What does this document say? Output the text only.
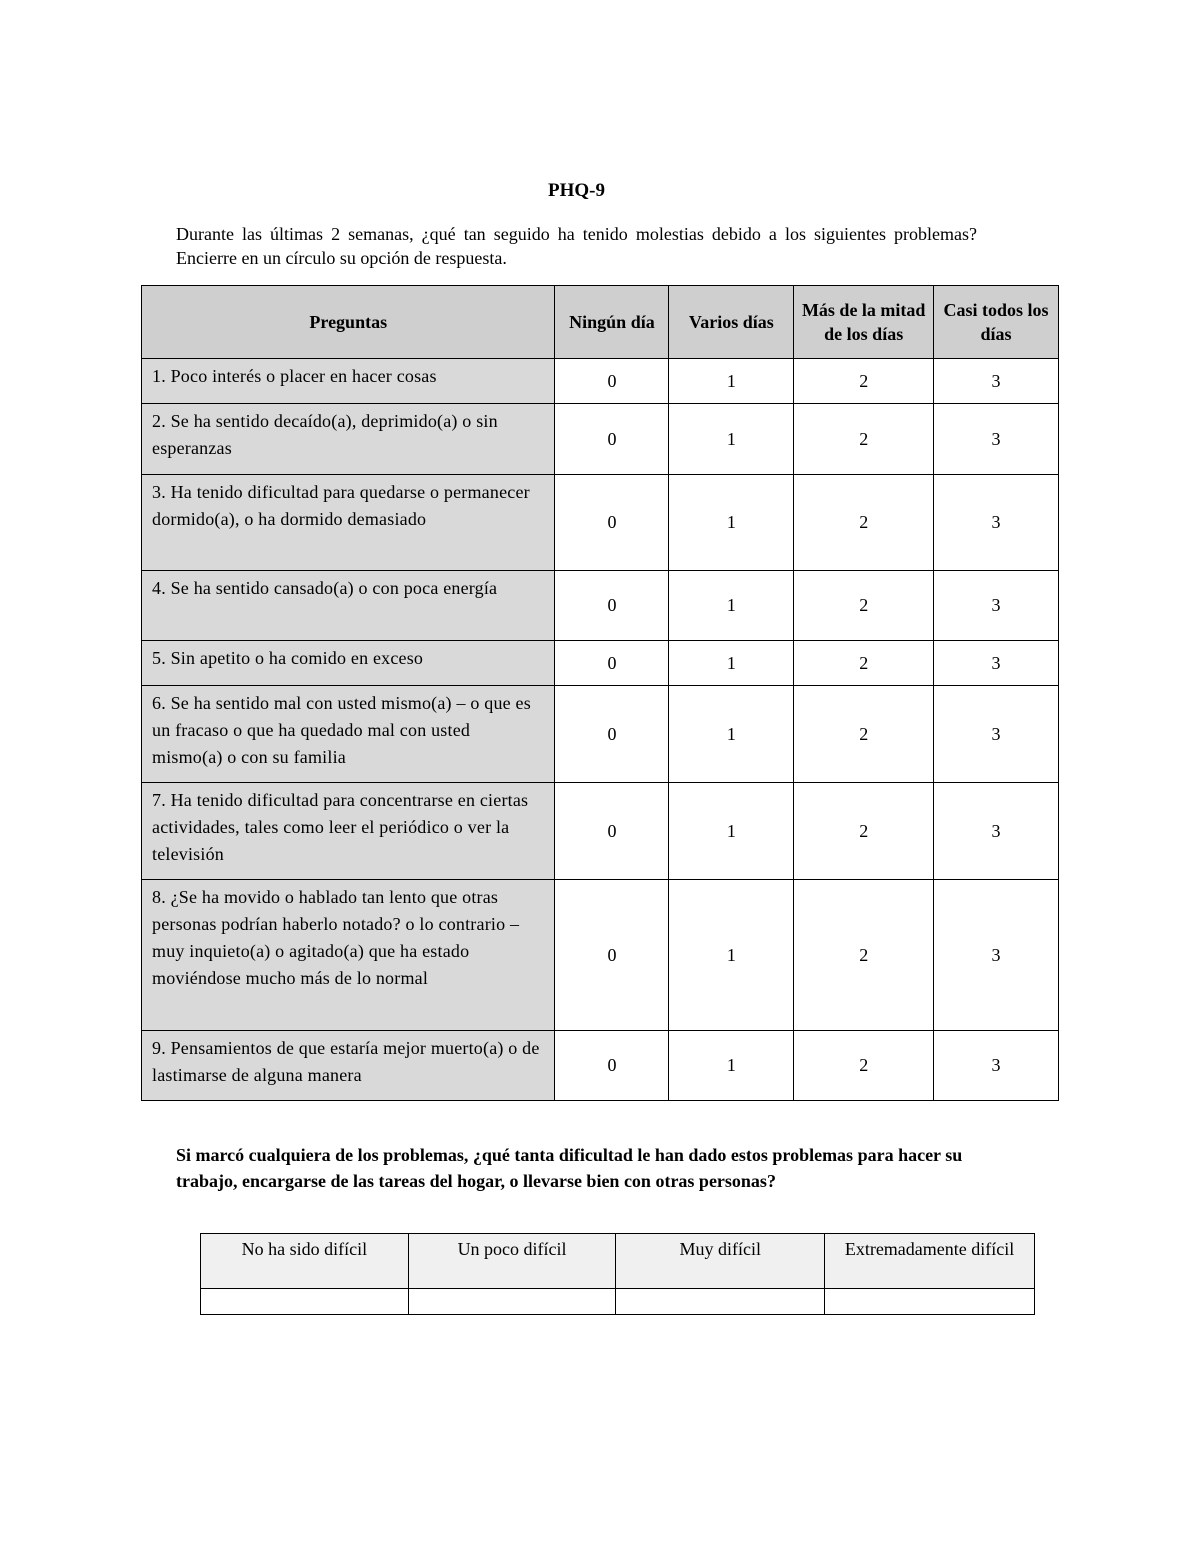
PHQ-9
Durante las últimas 2 semanas, ¿qué tan seguido ha tenido molestias debido a los siguientes problemas? Encierre en un círculo su opción de respuesta.
Preguntas	Ningún día	Varios días	Más de la mitad de los días	Casi todos los días
1. Poco interés o placer en hacer cosas	0	1	2	3
2. Se ha sentido decaído(a), deprimido(a) o sin esperanzas	0	1	2	3
3. Ha tenido dificultad para quedarse o permanecer dormido(a), o ha dormido demasiado	0	1	2	3
4. Se ha sentido cansado(a) o con poca energía	0	1	2	3
5. Sin apetito o ha comido en exceso	0	1	2	3
6. Se ha sentido mal con usted mismo(a) – o que es un fracaso o que ha quedado mal con usted mismo(a) o con su familia	0	1	2	3
7. Ha tenido dificultad para concentrarse en ciertas actividades, tales como leer el periódico o ver la televisión	0	1	2	3
8. ¿Se ha movido o hablado tan lento que otras personas podrían haberlo notado? o lo contrario – muy inquieto(a) o agitado(a) que ha estado moviéndose mucho más de lo normal	0	1	2	3
9. Pensamientos de que estaría mejor muerto(a) o de lastimarse de alguna manera	0	1	2	3
Si marcó cualquiera de los problemas, ¿qué tanta dificultad le han dado estos problemas para hacer su trabajo, encargarse de las tareas del hogar, o llevarse bien con otras personas?
No ha sido difícil	Un poco difícil	Muy difícil	Extremadamente difícil
